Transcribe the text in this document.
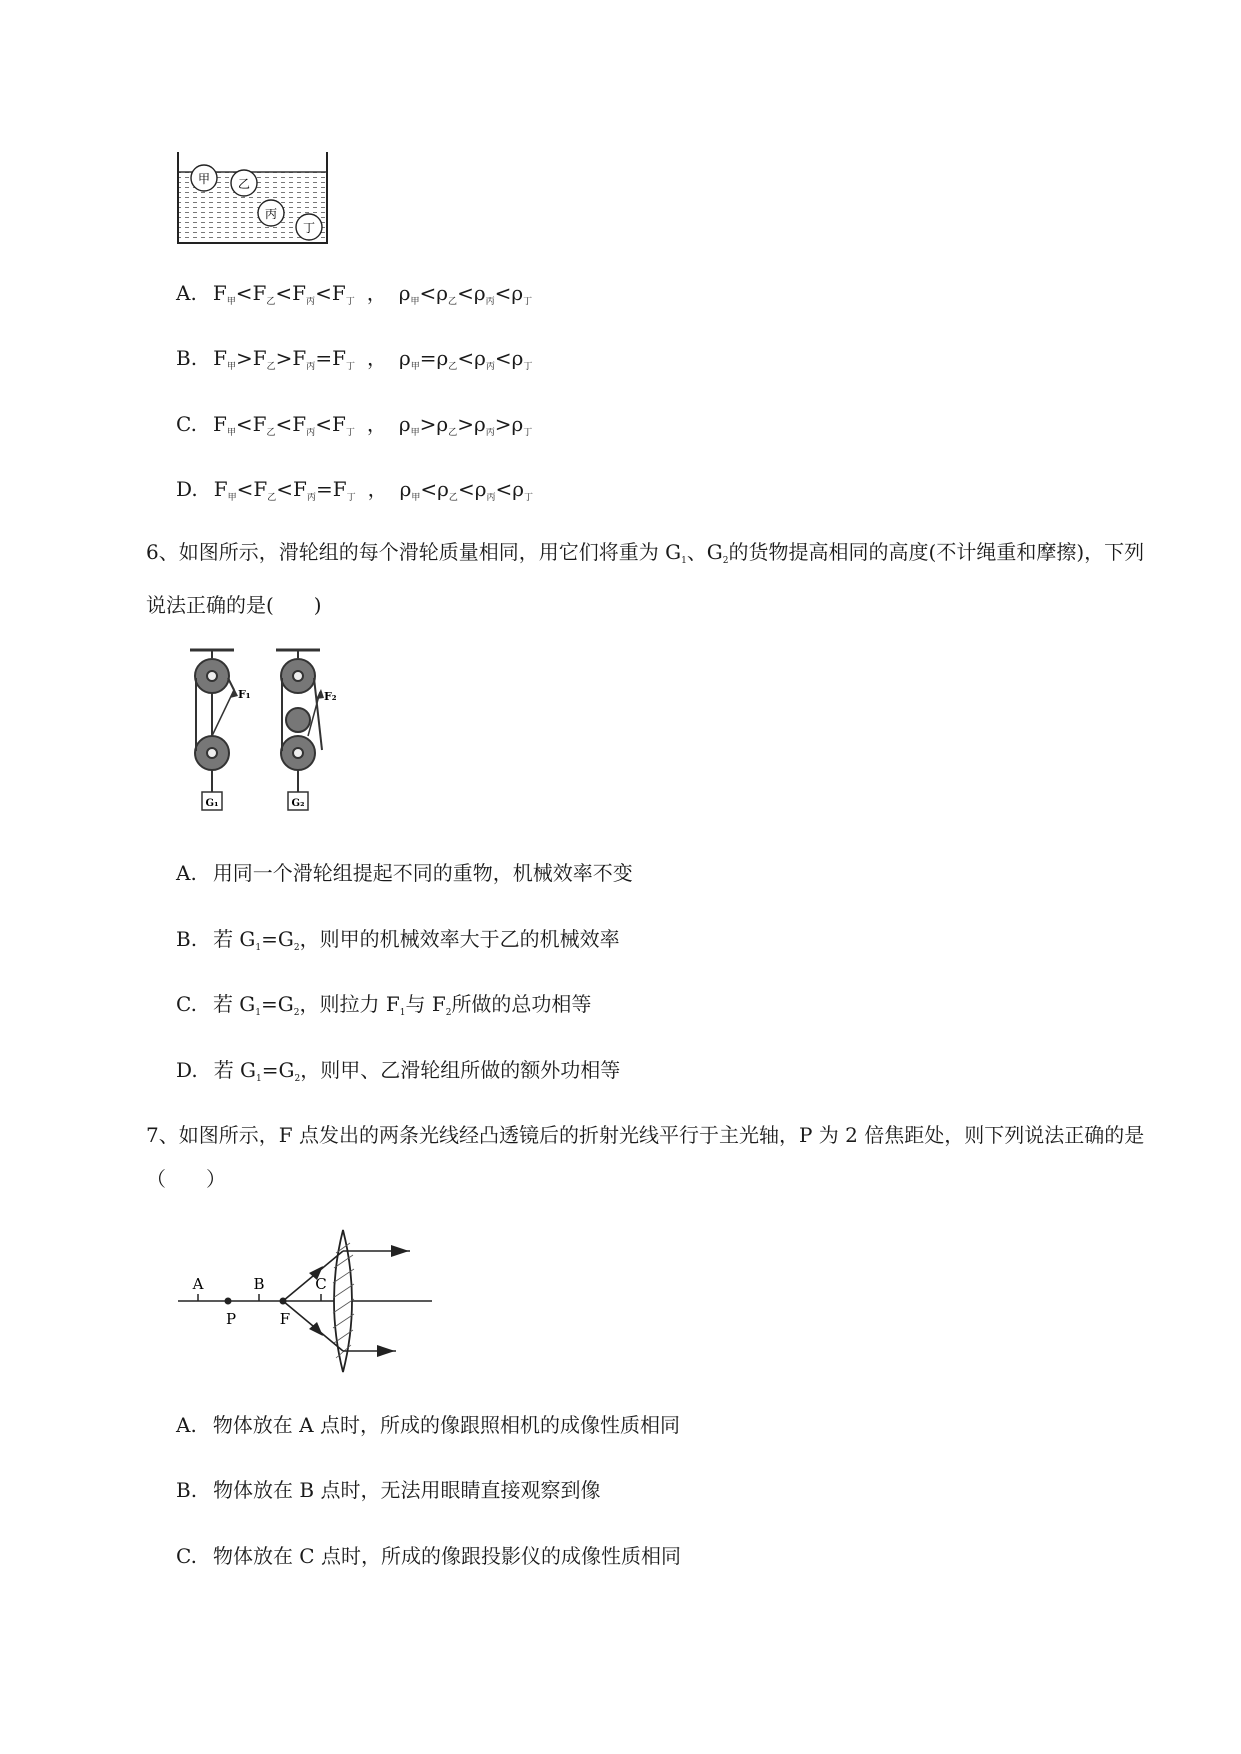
甲 乙
丙
丁
A. $F_甲<F_乙<F_丙<F_丁$ ， $\rho_甲<\rho_乙<\rho_丙<\rho_丁$
B. $F_甲>F_乙>F_丙=F_丁$ ， $\rho_甲=\rho_乙<\rho_丙<\rho_丁$
C. $F_甲<F_乙<F_丙<F_丁$ ， $\rho_甲>\rho_乙>\rho_丙>\rho_丁$
D. $F_甲<F_乙<F_丙=F_丁$ ， $\rho_甲<\rho_乙<\rho_丙<\rho_丁$
6、如图所示，滑轮组的每个滑轮质量相同，用它们将重为 $G_1$、$G_2$的货物提高相同的高度(不计绳重和摩擦)，下列说法正确的是(　　)
F₁	F₂
G₁	G₂
A. 用同一个滑轮组提起不同的重物，机械效率不变
B. 若 $G_1=G_2$，则甲的机械效率大于乙的机械效率
C. 若 $G_1=G_2$，则拉力 $F_1$与 $F_2$所做的总功相等
D. 若 $G_1=G_2$，则甲、乙滑轮组所做的额外功相等
7、如图所示，F 点发出的两条光线经凸透镜后的折射光线平行于主光轴，P 为 2 倍焦距处，则下列说法正确的是（　　）
A	B	C
P	F
A. 物体放在 A 点时，所成的像跟照相机的成像性质相同
B. 物体放在 B 点时，无法用眼睛直接观察到像
C. 物体放在 C 点时，所成的像跟投影仪的成像性质相同
